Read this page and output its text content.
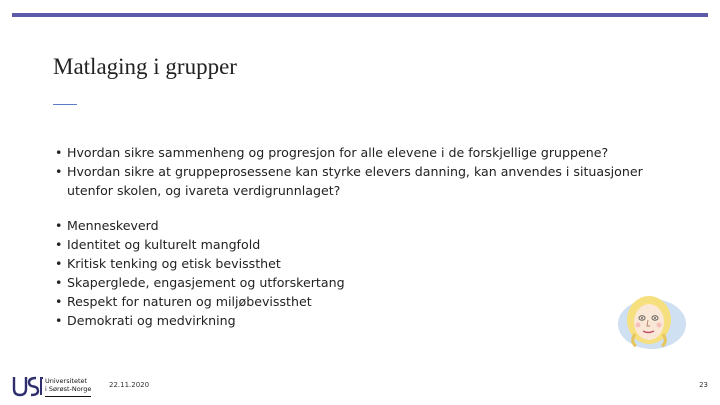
Matlaging i grupper
• Hvordan sikre sammenheng og progresjon for alle elevene i de forskjellige gruppene?
• Hvordan sikre at gruppeprosessene kan styrke elevers danning, kan anvendes i situasjoner utenfor skolen, og ivareta verdigrunnlaget?
• Menneskeverd
• Identitet og kulturelt mangfold
• Kritisk tenking og etisk bevissthet
• Skaperglede, engasjement og utforskertang
• Respekt for naturen og miljøbevissthet
• Demokrati og medvirkning
Universitetet
i Sørøst-Norge	22.11.2020	23
